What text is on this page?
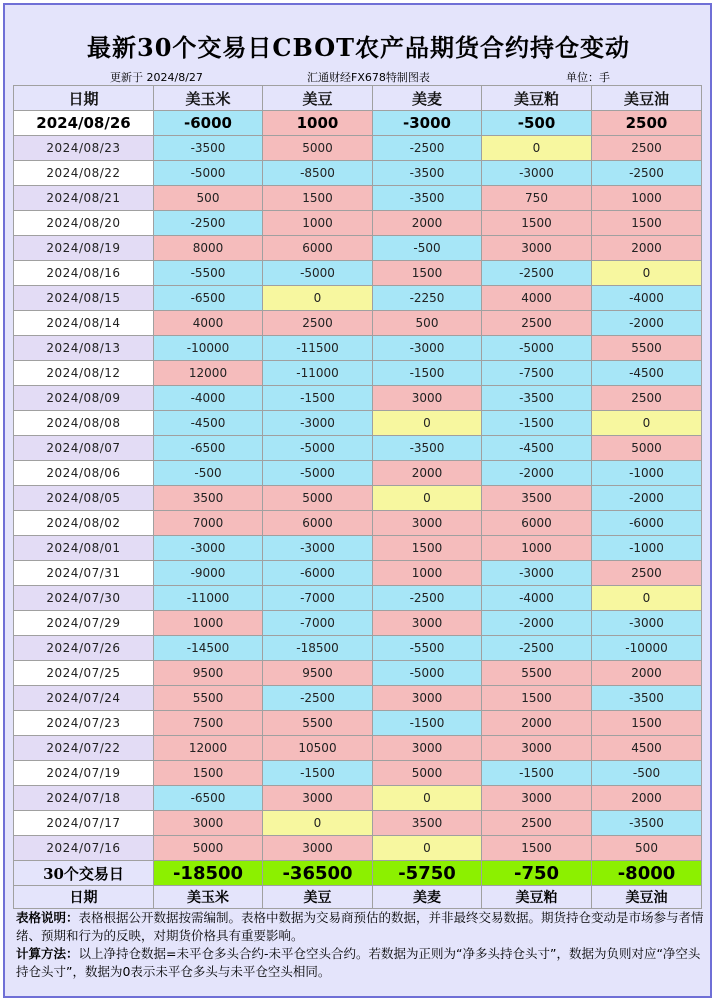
最新30个交易日CBOT农产品期货合约持仓变动
更新于 2024/8/27	汇通财经FX678特制图表	单位：手
日期	美玉米	美豆	美麦	美豆粕	美豆油
2024/08/26	-6000	1000	-3000	-500	2500
2024/08/23	-3500	5000	-2500	0	2500
2024/08/22	-5000	-8500	-3500	-3000	-2500
2024/08/21	500	1500	-3500	750	1000
2024/08/20	-2500	1000	2000	1500	1500
2024/08/19	8000	6000	-500	3000	2000
2024/08/16	-5500	-5000	1500	-2500	0
2024/08/15	-6500	0	-2250	4000	-4000
2024/08/14	4000	2500	500	2500	-2000
2024/08/13	-10000	-11500	-3000	-5000	5500
2024/08/12	12000	-11000	-1500	-7500	-4500
2024/08/09	-4000	-1500	3000	-3500	2500
2024/08/08	-4500	-3000	0	-1500	0
2024/08/07	-6500	-5000	-3500	-4500	5000
2024/08/06	-500	-5000	2000	-2000	-1000
2024/08/05	3500	5000	0	3500	-2000
2024/08/02	7000	6000	3000	6000	-6000
2024/08/01	-3000	-3000	1500	1000	-1000
2024/07/31	-9000	-6000	1000	-3000	2500
2024/07/30	-11000	-7000	-2500	-4000	0
2024/07/29	1000	-7000	3000	-2000	-3000
2024/07/26	-14500	-18500	-5500	-2500	-10000
2024/07/25	9500	9500	-5000	5500	2000
2024/07/24	5500	-2500	3000	1500	-3500
2024/07/23	7500	5500	-1500	2000	1500
2024/07/22	12000	10500	3000	3000	4500
2024/07/19	1500	-1500	5000	-1500	-500
2024/07/18	-6500	3000	0	3000	2000
2024/07/17	3000	0	3500	2500	-3500
2024/07/16	5000	3000	0	1500	500
30个交易日	-18500	-36500	-5750	-750	-8000
日期	美玉米	美豆	美麦	美豆粕	美豆油
表格说明：表格根据公开数据按需编制。表格中数据为交易商预估的数据，并非最终交易数据。期货持仓变动是市场参与者情绪、预期和行为的反映，对期货价格具有重要影响。
计算方法：以上净持仓数据=未平仓多头合约-未平仓空头合约。若数据为正则为“净多头持仓头寸”，数据为负则对应“净空头持仓头寸”，数据为0表示未平仓多头与未平仓空头相同。
